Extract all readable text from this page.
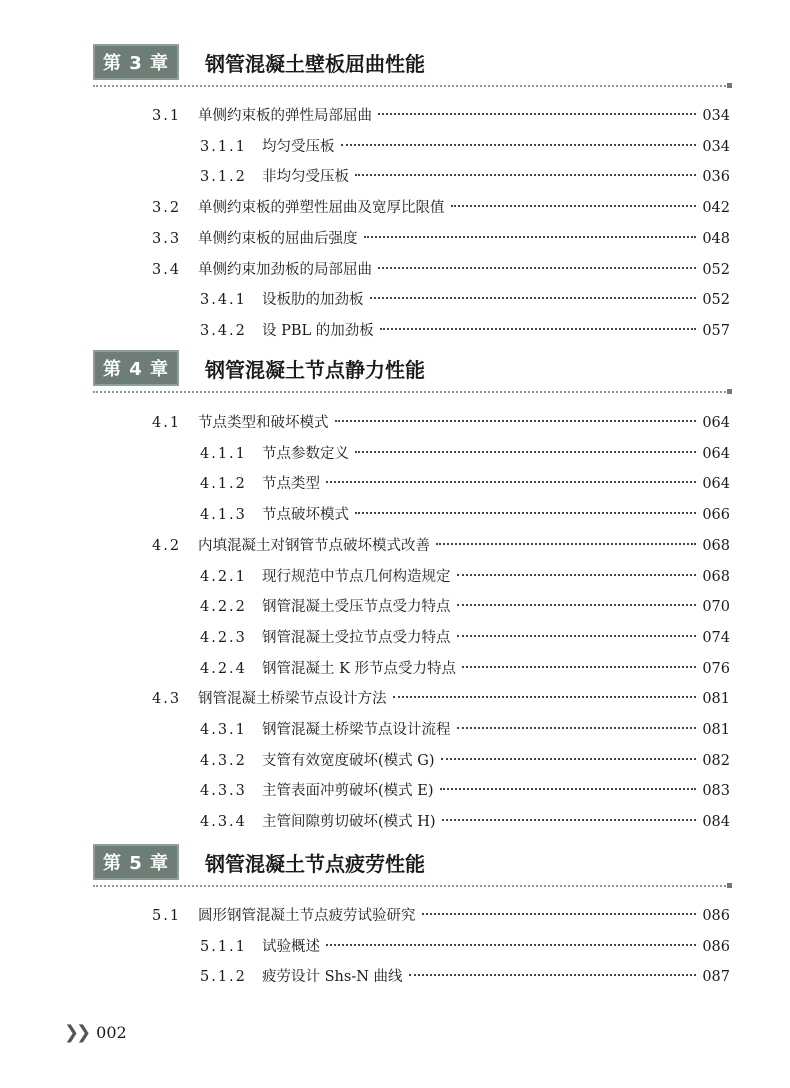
第 3 章	钢管混凝土壁板屈曲性能
3.1	单侧约束板的弹性局部屈曲	034
3.1.1	均匀受压板	034
3.1.2	非均匀受压板	036
3.2	单侧约束板的弹塑性屈曲及宽厚比限值	042
3.3	单侧约束板的屈曲后强度	048
3.4	单侧约束加劲板的局部屈曲	052
3.4.1	设板肋的加劲板	052
3.4.2	设 PBL 的加劲板	057
第 4 章	钢管混凝土节点静力性能
4.1	节点类型和破坏模式	064
4.1.1	节点参数定义	064
4.1.2	节点类型	064
4.1.3	节点破坏模式	066
4.2	内填混凝土对钢管节点破坏模式改善	068
4.2.1	现行规范中节点几何构造规定	068
4.2.2	钢管混凝土受压节点受力特点	070
4.2.3	钢管混凝土受拉节点受力特点	074
4.2.4	钢管混凝土 K 形节点受力特点	076
4.3	钢管混凝土桥梁节点设计方法	081
4.3.1	钢管混凝土桥梁节点设计流程	081
4.3.2	支管有效宽度破坏(模式 G)	082
4.3.3	主管表面冲剪破坏(模式 E)	083
4.3.4	主管间隙剪切破坏(模式 H)	084
第 5 章	钢管混凝土节点疲劳性能
5.1	圆形钢管混凝土节点疲劳试验研究	086
5.1.1	试验概述	086
5.1.2	疲劳设计 Shs-N 曲线	087
❯❯ 002
